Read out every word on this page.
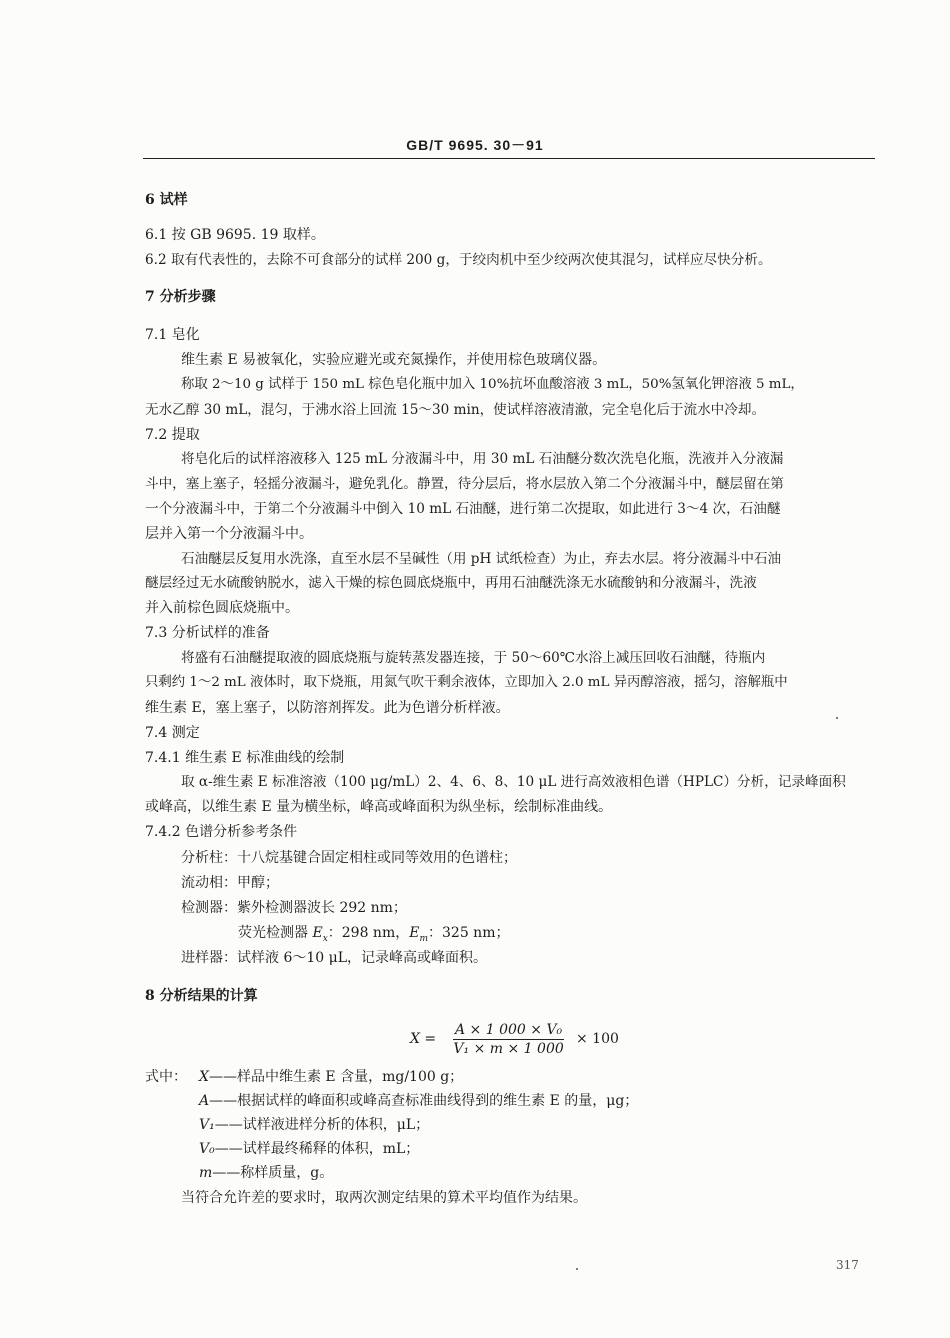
GB/T 9695. 30－91
6 试样
6.1 按 GB 9695. 19 取样。
6.2 取有代表性的，去除不可食部分的试样 200 g，于绞肉机中至少绞两次使其混匀，试样应尽快分析。
7 分析步骤
7.1 皂化
维生素 E 易被氧化，实验应避光或充氮操作，并使用棕色玻璃仪器。
称取 2～10 g 试样于 150 mL 棕色皂化瓶中加入 10%抗坏血酸溶液 3 mL，50%氢氧化钾溶液 5 mL，
无水乙醇 30 mL，混匀，于沸水浴上回流 15～30 min，使试样溶液清澈，完全皂化后于流水中冷却。
7.2 提取
将皂化后的试样溶液移入 125 mL 分液漏斗中，用 30 mL 石油醚分数次洗皂化瓶，洗液并入分液漏
斗中，塞上塞子，轻摇分液漏斗，避免乳化。静置，待分层后，将水层放入第二个分液漏斗中，醚层留在第
一个分液漏斗中，于第二个分液漏斗中倒入 10 mL 石油醚，进行第二次提取，如此进行 3～4 次，石油醚
层并入第一个分液漏斗中。
石油醚层反复用水洗涤，直至水层不呈碱性（用 pH 试纸检查）为止，弃去水层。将分液漏斗中石油
醚层经过无水硫酸钠脱水，滤入干燥的棕色圆底烧瓶中，再用石油醚洗涤无水硫酸钠和分液漏斗，洗液
并入前棕色圆底烧瓶中。
7.3 分析试样的准备
将盛有石油醚提取液的圆底烧瓶与旋转蒸发器连接，于 50～60℃水浴上减压回收石油醚，待瓶内
只剩约 1～2 mL 液体时，取下烧瓶，用氮气吹干剩余液体，立即加入 2.0 mL 异丙醇溶液，摇匀，溶解瓶中
维生素 E，塞上塞子，以防溶剂挥发。此为色谱分析样液。
7.4 测定
7.4.1 维生素 E 标准曲线的绘制
取 α-维生素 E 标准溶液（100 μg/mL）2、4、6、8、10 μL 进行高效液相色谱（HPLC）分析，记录峰面积
或峰高，以维生素 E 量为横坐标，峰高或峰面积为纵坐标，绘制标准曲线。
7.4.2 色谱分析参考条件
分析柱：十八烷基键合固定相柱或同等效用的色谱柱；
流动相：甲醇；
检测器：紫外检测器波长 292 nm；
荧光检测器 $E_x$：298 nm，$E_m$：325 nm；
进样器：试样液 6～10 μL，记录峰高或峰面积。
8 分析结果的计算
$X = \frac{\text{A × 1 000 × V₀}}{\text{V₁ × m × 1 000}} \times 100$
式中： X——样品中维生素 E 含量，mg/100 g；
A——根据试样的峰面积或峰高查标准曲线得到的维生素 E 的量，μg；
V₁——试样液进样分析的体积，μL；
V₀——试样最终稀释的体积，mL；
m——称样质量，g。
当符合允许差的要求时，取两次测定结果的算术平均值作为结果。
317
